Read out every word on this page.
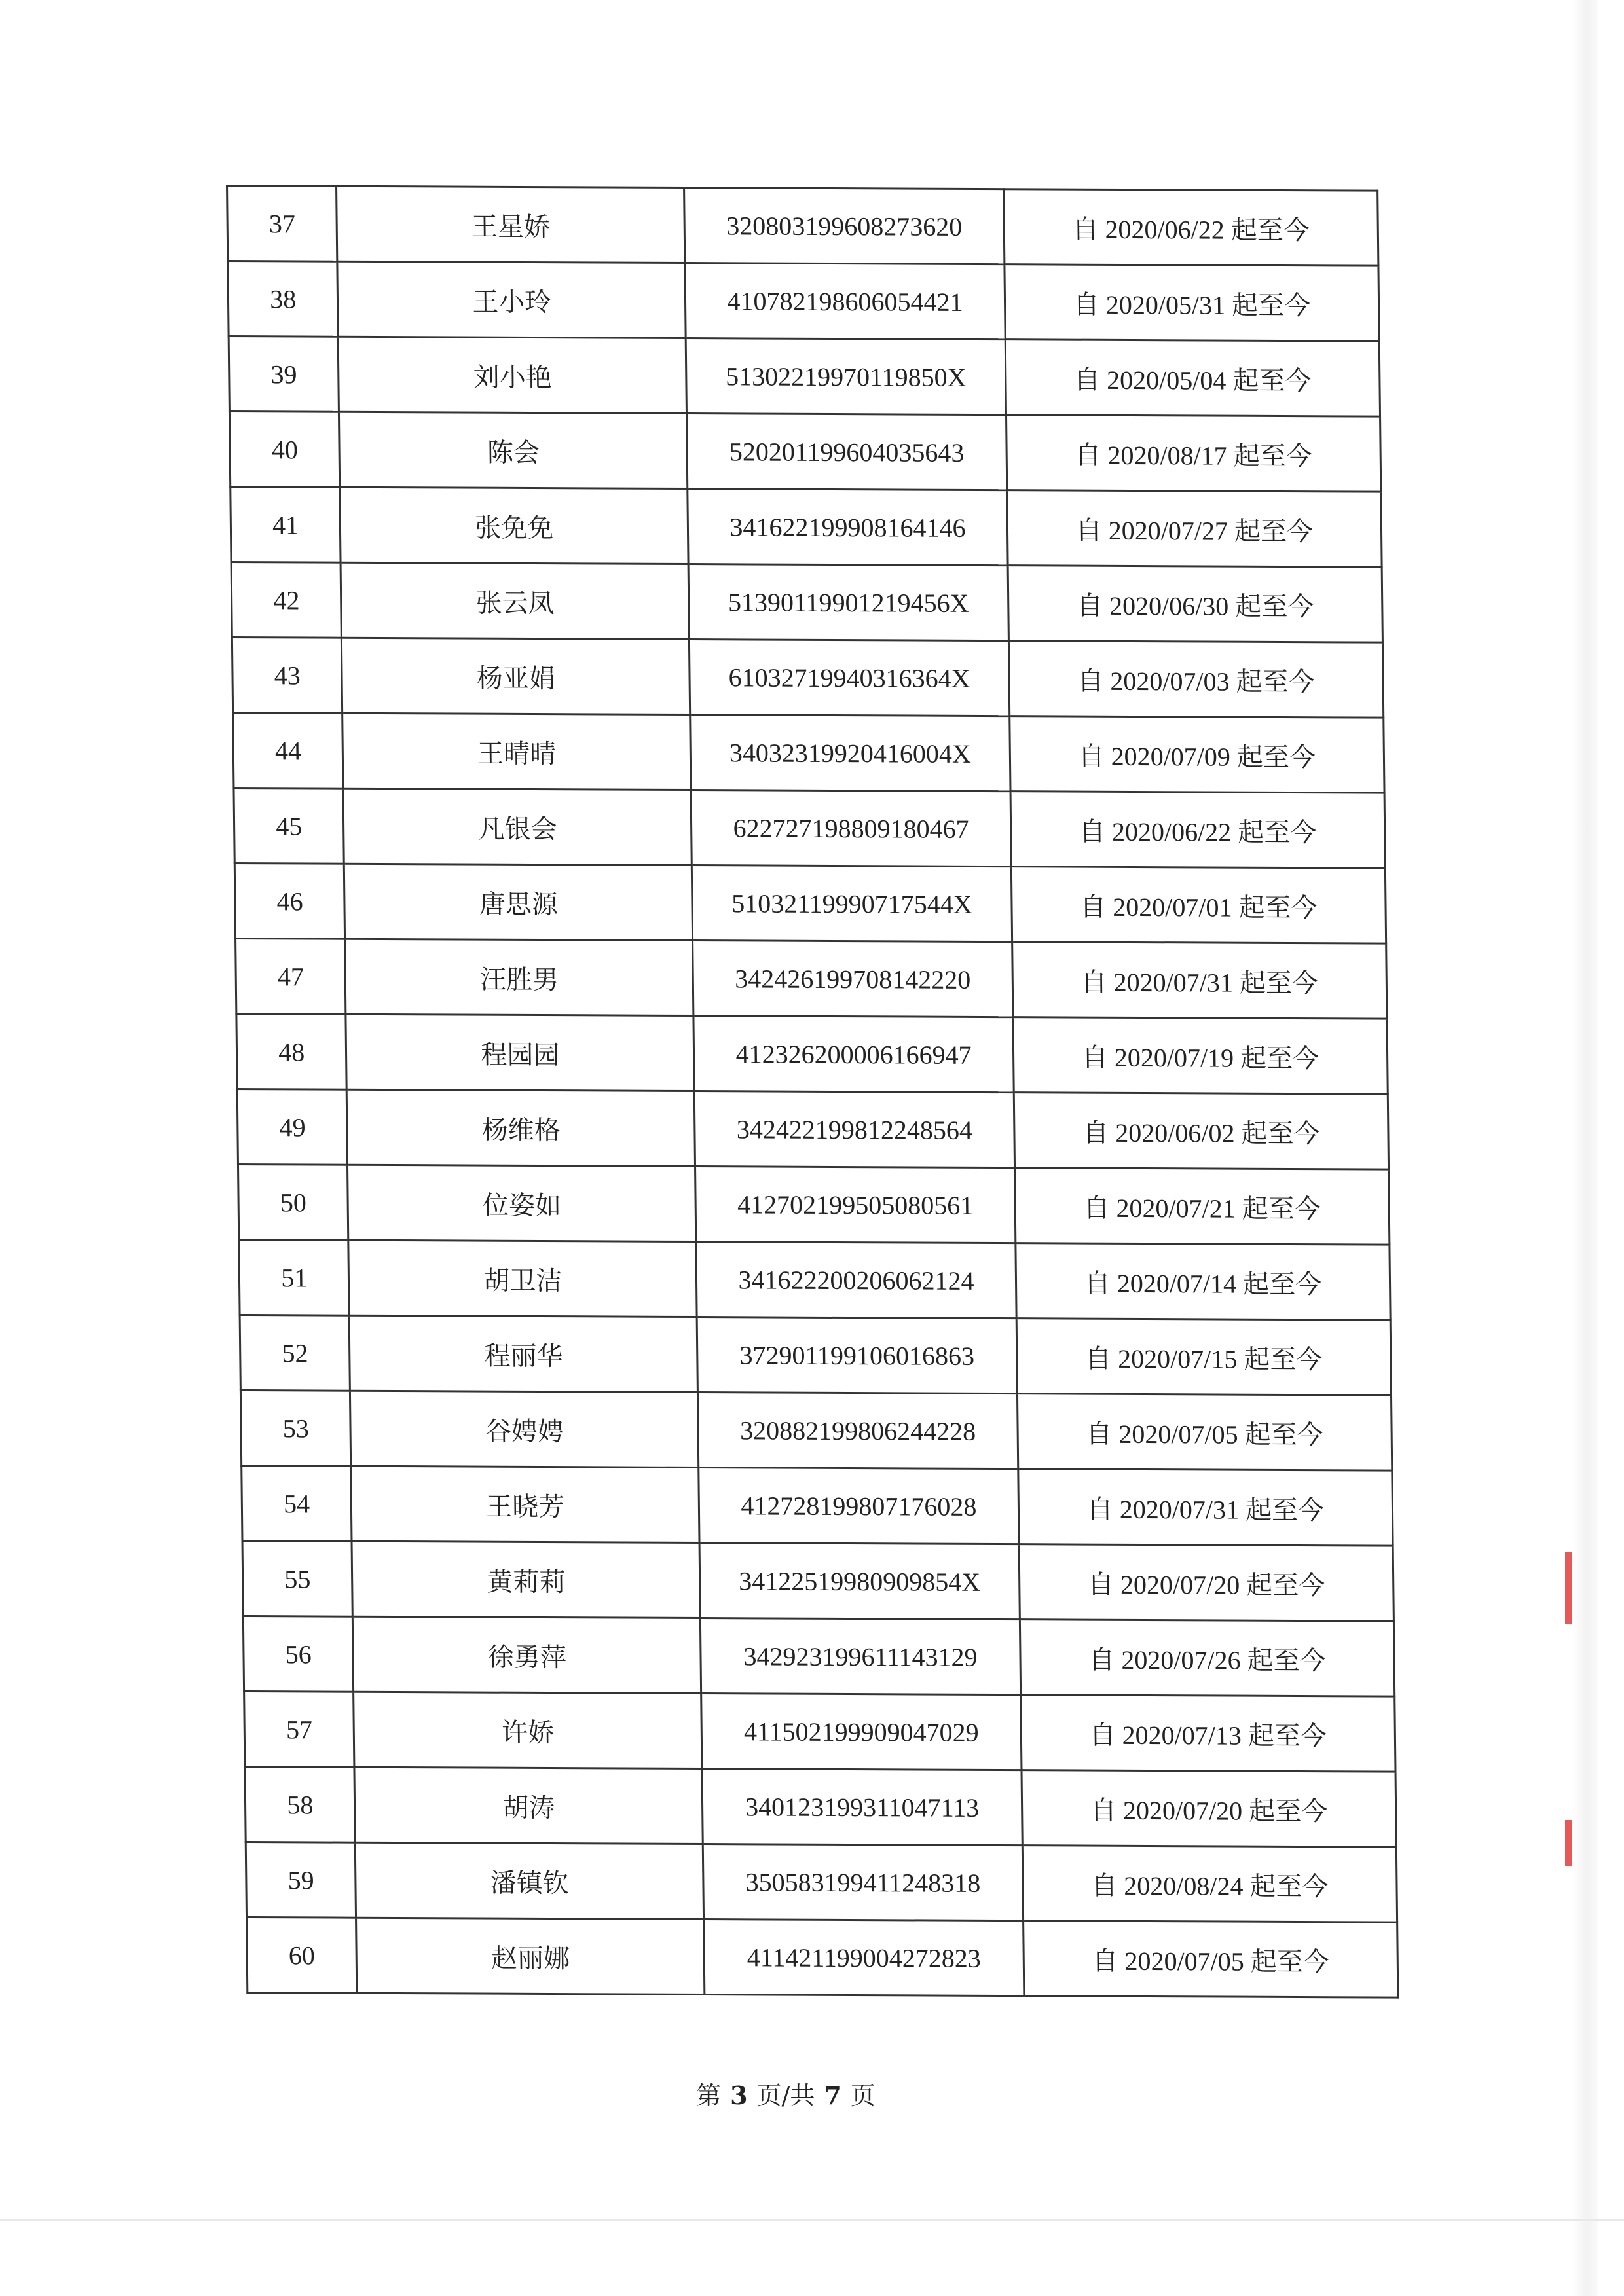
37	王星娇	320803199608273620	自 2020/06/22 起至今
38	王小玲	410782198606054421	自 2020/05/31 起至今
39	刘小艳	51302219970119850X	自 2020/05/04 起至今
40	陈会	520201199604035643	自 2020/08/17 起至今
41	张免免	341622199908164146	自 2020/07/27 起至今
42	张云凤	51390119901219456X	自 2020/06/30 起至今
43	杨亚娟	61032719940316364X	自 2020/07/03 起至今
44	王晴晴	34032319920416004X	自 2020/07/09 起至今
45	凡银会	622727198809180467	自 2020/06/22 起至今
46	唐思源	51032119990717544X	自 2020/07/01 起至今
47	汪胜男	342426199708142220	自 2020/07/31 起至今
48	程园园	412326200006166947	自 2020/07/19 起至今
49	杨维格	342422199812248564	自 2020/06/02 起至今
50	位姿如	412702199505080561	自 2020/07/21 起至今
51	胡卫洁	341622200206062124	自 2020/07/14 起至今
52	程丽华	372901199106016863	自 2020/07/15 起至今
53	谷娉娉	320882199806244228	自 2020/07/05 起至今
54	王晓芳	412728199807176028	自 2020/07/31 起至今
55	黄莉莉	34122519980909854X	自 2020/07/20 起至今
56	徐勇萍	342923199611143129	自 2020/07/26 起至今
57	许娇	411502199909047029	自 2020/07/13 起至今
58	胡涛	340123199311047113	自 2020/07/20 起至今
59	潘镇钦	350583199411248318	自 2020/08/24 起至今
60	赵丽娜	411421199004272823	自 2020/07/05 起至今
第 3 页/共 7 页
